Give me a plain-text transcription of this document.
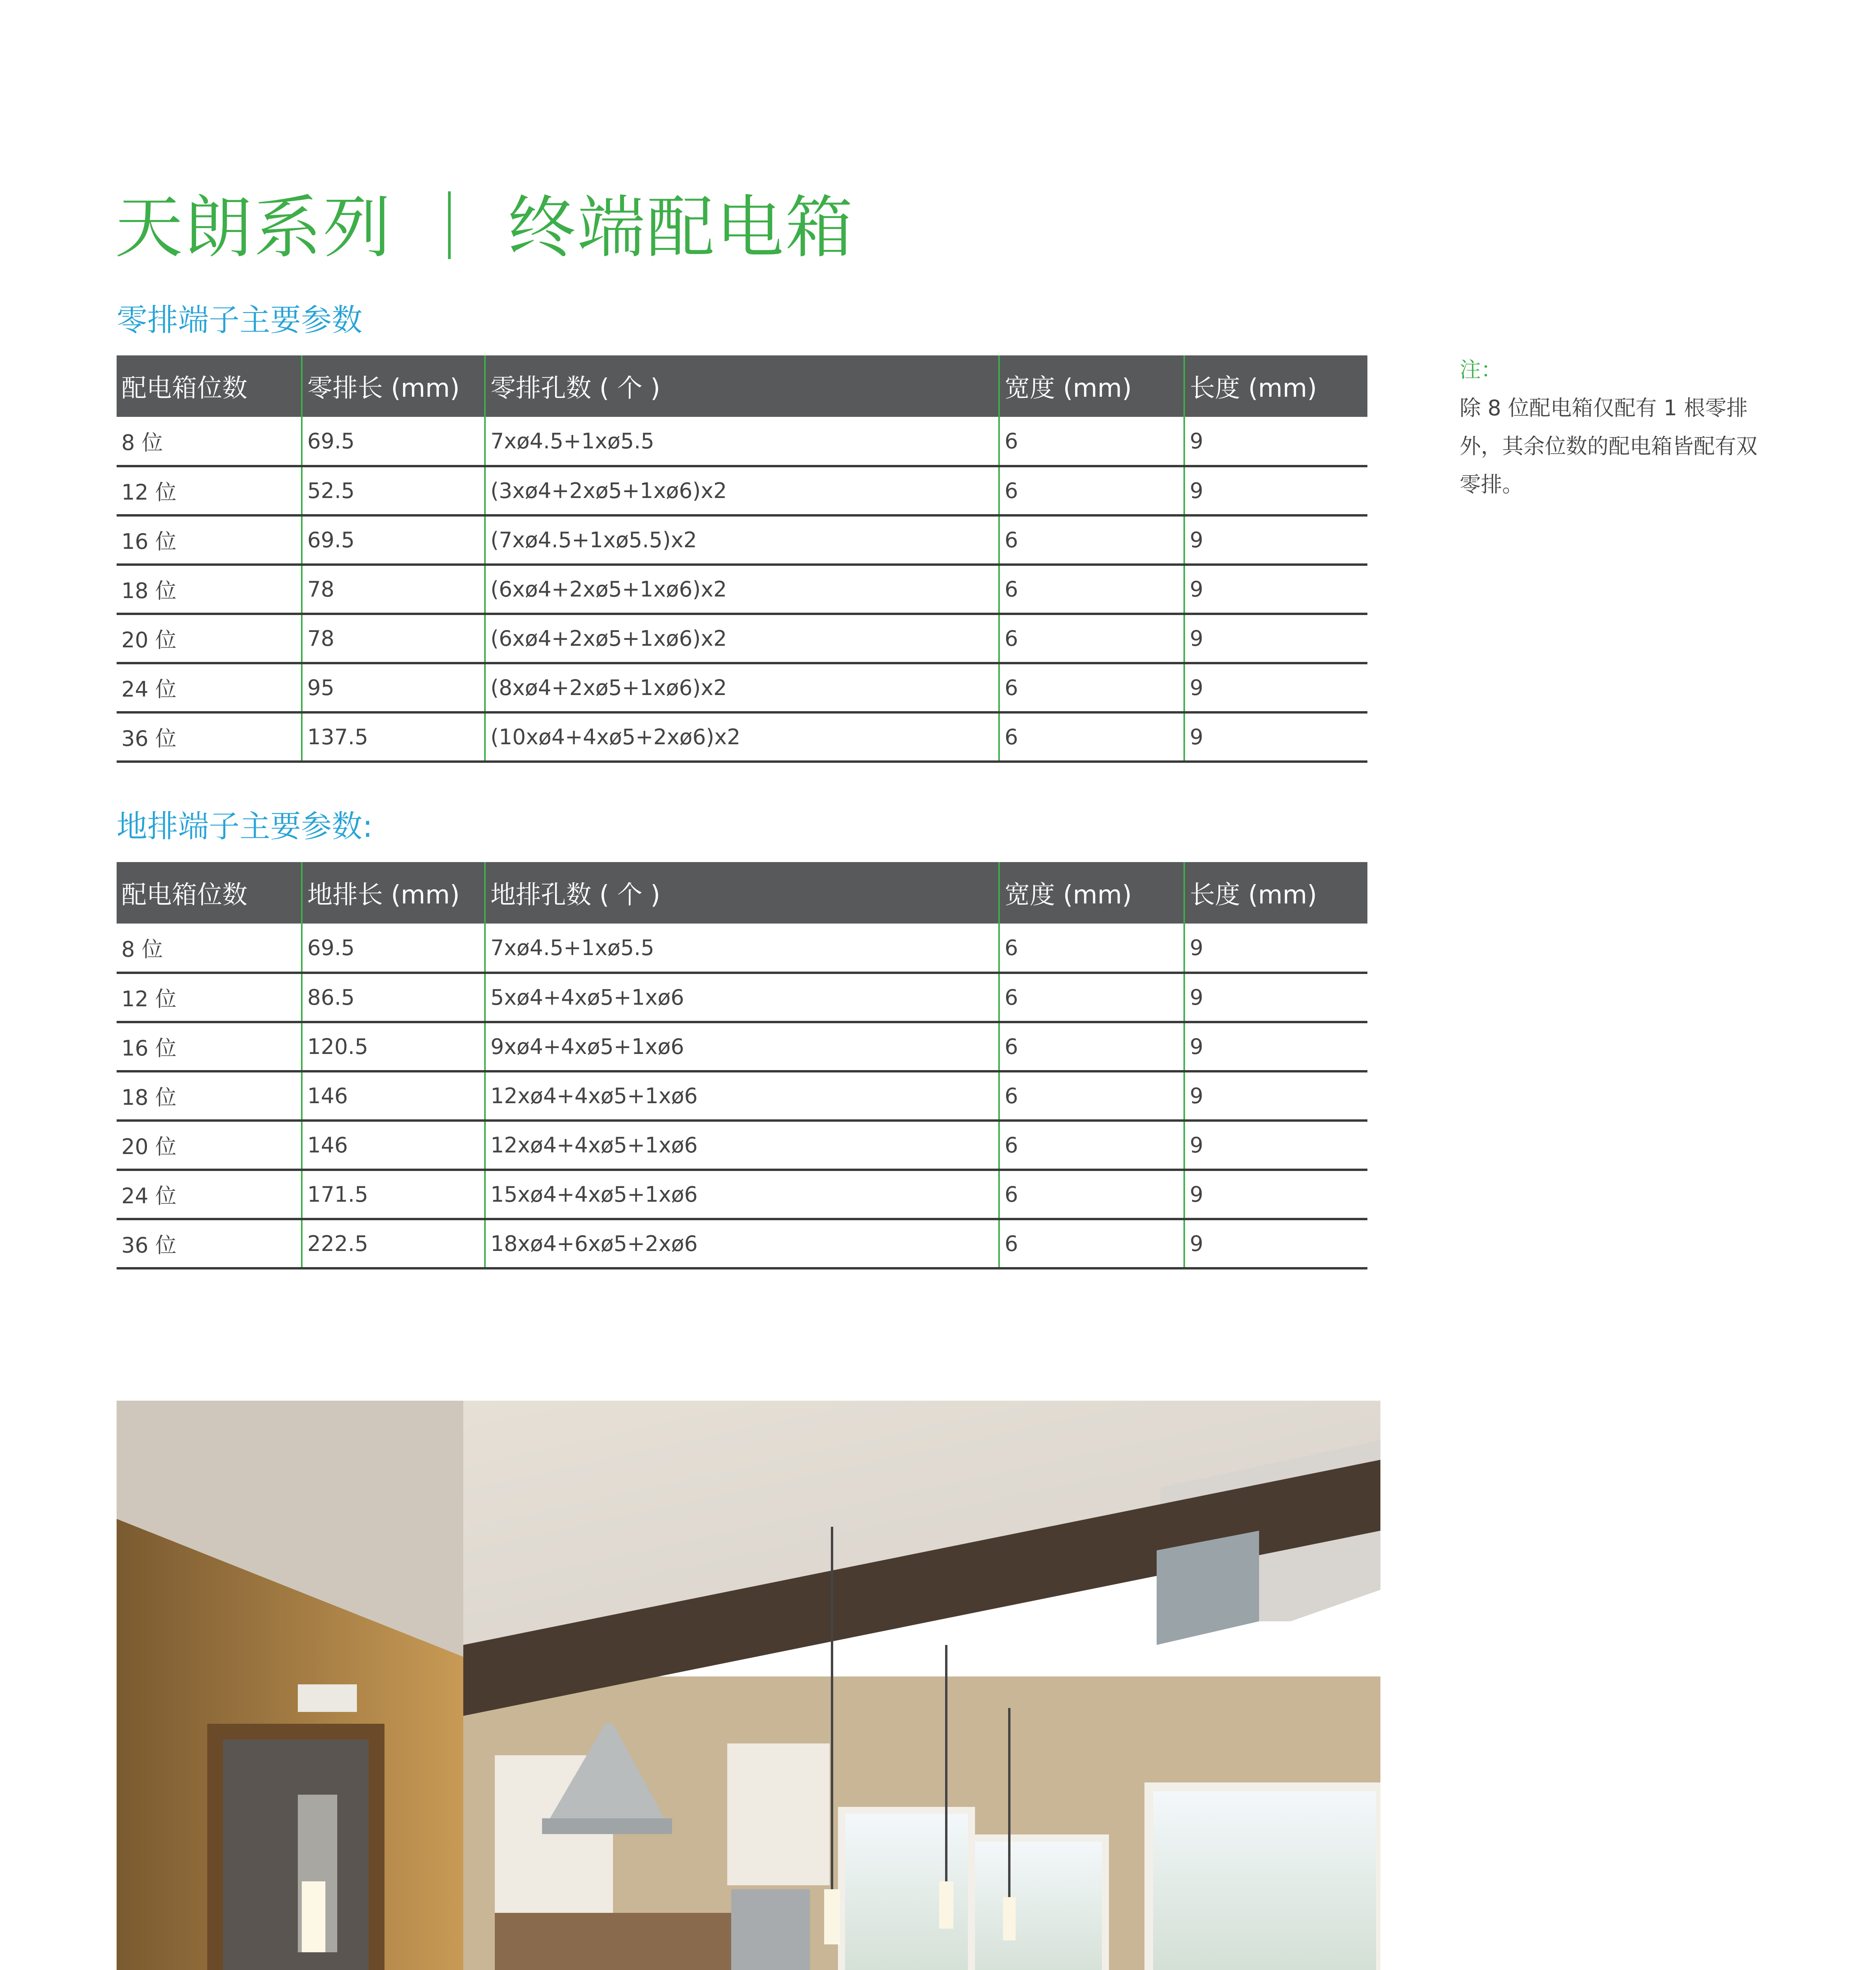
天朗系列 ｜ 终端配电箱
零排端子主要参数
配电箱位数	零排长 (mm)	零排孔数 ( 个 )	宽度 (mm)	长度 (mm)
8 位	69.5	7xø4.5+1xø5.5	6	9
12 位	52.5	(3xø4+2xø5+1xø6)x2	6	9
16 位	69.5	(7xø4.5+1xø5.5)x2	6	9
18 位	78	(6xø4+2xø5+1xø6)x2	6	9
20 位	78	(6xø4+2xø5+1xø6)x2	6	9
24 位	95	(8xø4+2xø5+1xø6)x2	6	9
36 位	137.5	(10xø4+4xø5+2xø6)x2	6	9
注：
除 8 位配电箱仅配有 1 根零排外，其余位数的配电箱皆配有双零排。
地排端子主要参数:
配电箱位数	地排长 (mm)	地排孔数 ( 个 )	宽度 (mm)	长度 (mm)
8 位	69.5	7xø4.5+1xø5.5	6	9
12 位	86.5	5xø4+4xø5+1xø6	6	9
16 位	120.5	9xø4+4xø5+1xø6	6	9
18 位	146	12xø4+4xø5+1xø6	6	9
20 位	146	12xø4+4xø5+1xø6	6	9
24 位	171.5	15xø4+4xø5+1xø6	6	9
36 位	222.5	18xø4+6xø5+2xø6	6	9
